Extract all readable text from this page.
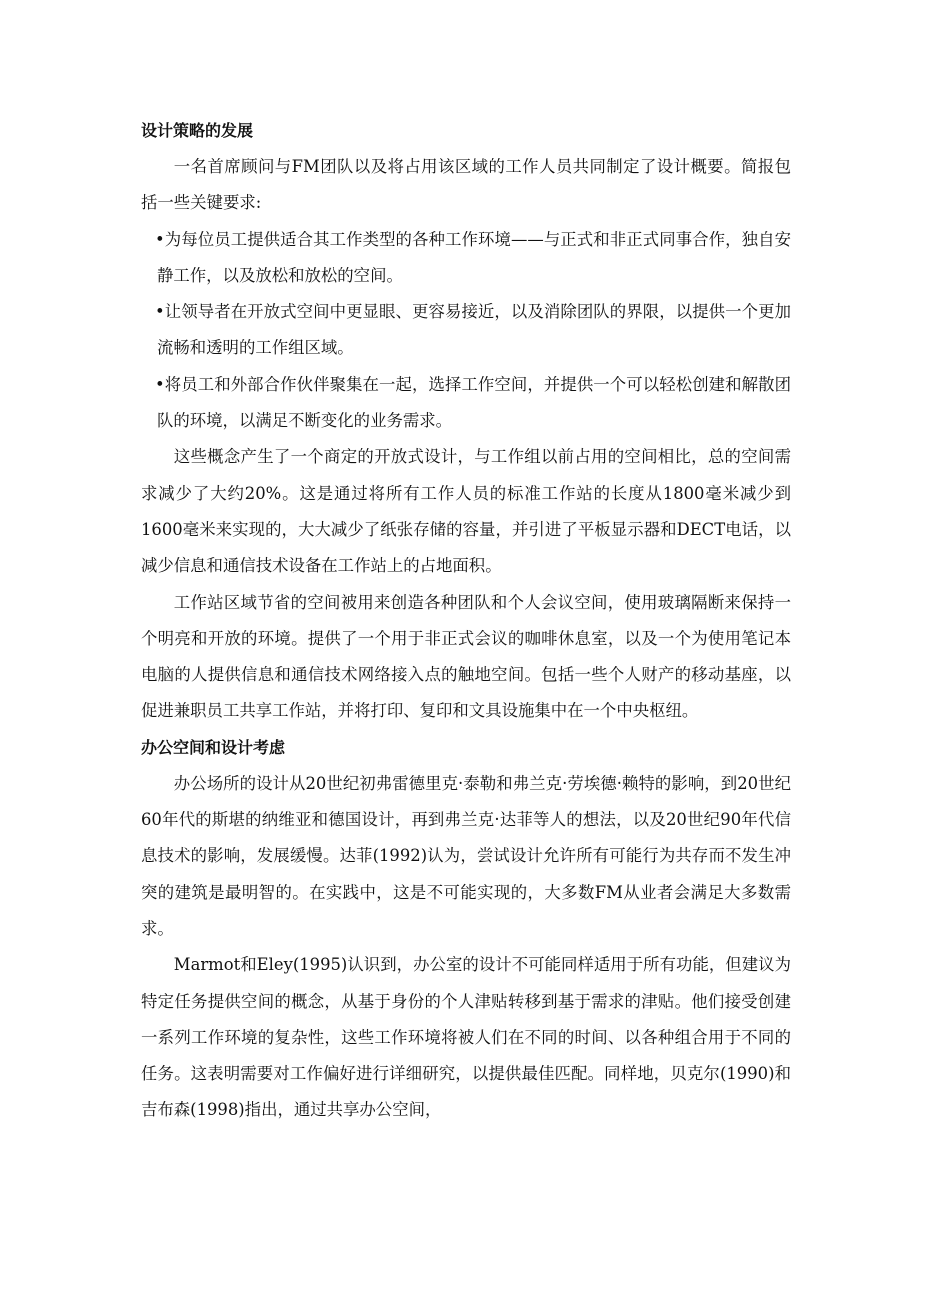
设计策略的发展

一名首席顾问与FM团队以及将占用该区域的工作人员共同制定了设计概要。简报包括一些关键要求:

•为每位员工提供适合其工作类型的各种工作环境——与正式和非正式同事合作，独自安静工作，以及放松和放松的空间。

•让领导者在开放式空间中更显眼、更容易接近，以及消除团队的界限，以提供一个更加流畅和透明的工作组区域。

•将员工和外部合作伙伴聚集在一起，选择工作空间，并提供一个可以轻松创建和解散团队的环境，以满足不断变化的业务需求。

这些概念产生了一个商定的开放式设计，与工作组以前占用的空间相比，总的空间需求减少了大约20%。这是通过将所有工作人员的标准工作站的长度从1800毫米减少到1600毫米来实现的，大大减少了纸张存储的容量，并引进了平板显示器和DECT电话，以减少信息和通信技术设备在工作站上的占地面积。

工作站区域节省的空间被用来创造各种团队和个人会议空间，使用玻璃隔断来保持一个明亮和开放的环境。提供了一个用于非正式会议的咖啡休息室，以及一个为使用笔记本电脑的人提供信息和通信技术网络接入点的触地空间。包括一些个人财产的移动基座，以促进兼职员工共享工作站，并将打印、复印和文具设施集中在一个中央枢纽。

办公空间和设计考虑

办公场所的设计从20世纪初弗雷德里克·泰勒和弗兰克·劳埃德·赖特的影响，到20世纪60年代的斯堪的纳维亚和德国设计，再到弗兰克·达菲等人的想法，以及20世纪90年代信息技术的影响，发展缓慢。达菲(1992)认为，尝试设计允许所有可能行为共存而不发生冲突的建筑是最明智的。在实践中，这是不可能实现的，大多数FM从业者会满足大多数需求。

Marmot和Eley(1995)认识到，办公室的设计不可能同样适用于所有功能，但建议为特定任务提供空间的概念，从基于身份的个人津贴转移到基于需求的津贴。他们接受创建一系列工作环境的复杂性，这些工作环境将被人们在不同的时间、以各种组合用于不同的任务。这表明需要对工作偏好进行详细研究，以提供最佳匹配。同样地，贝克尔(1990)和吉布森(1998)指出，通过共享办公空间，
